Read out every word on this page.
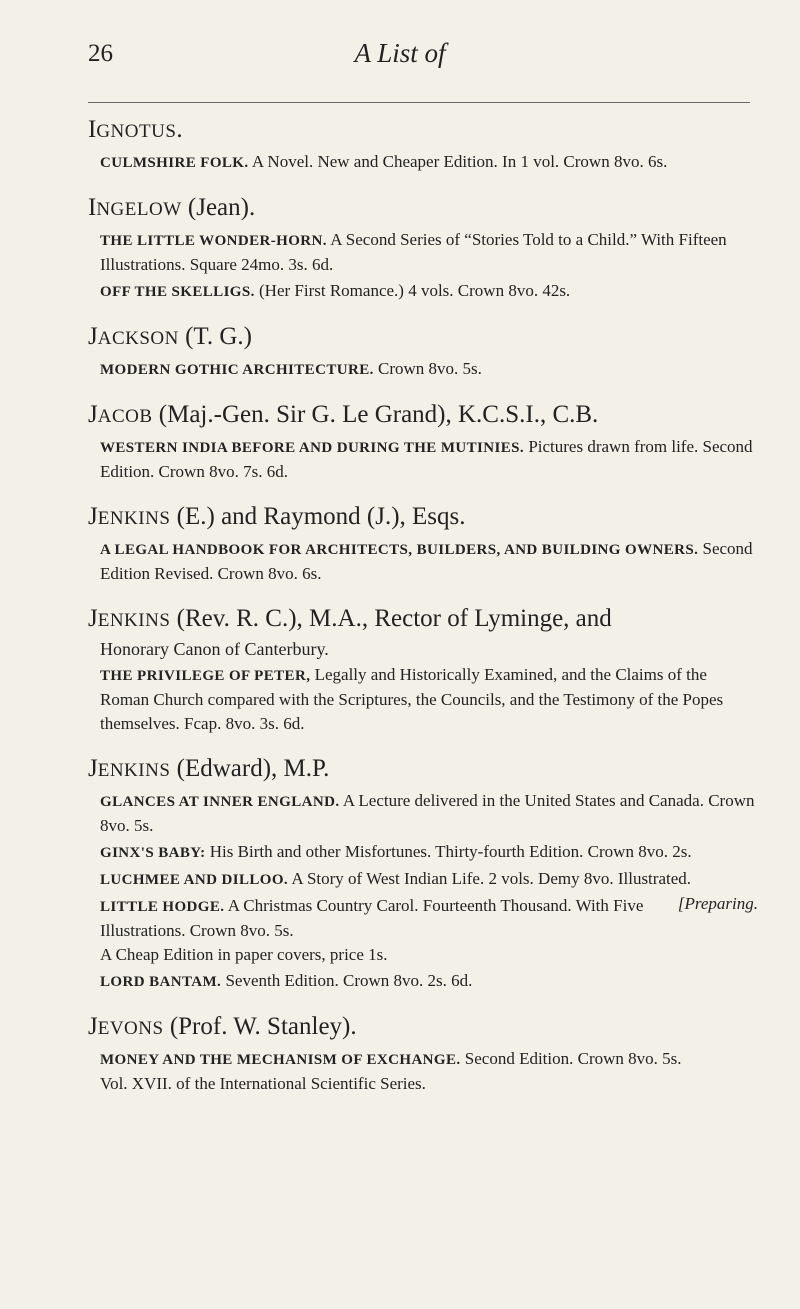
26	A List of
IGNOTUS.
CULMSHIRE FOLK. A Novel. New and Cheaper Edition. In 1 vol. Crown 8vo. 6s.
INGELOW (Jean).
THE LITTLE WONDER-HORN. A Second Series of “Stories Told to a Child.” With Fifteen Illustrations. Square 24mo. 3s. 6d.
OFF THE SKELLIGS. (Her First Romance.) 4 vols. Crown 8vo. 42s.
JACKSON (T. G.)
MODERN GOTHIC ARCHITECTURE. Crown 8vo. 5s.
JACOB (Maj.-Gen. Sir G. Le Grand), K.C.S.I., C.B.
WESTERN INDIA BEFORE AND DURING THE MUTINIES. Pictures drawn from life. Second Edition. Crown 8vo. 7s. 6d.
JENKINS (E.) and Raymond (J.), Esqs.
A LEGAL HANDBOOK FOR ARCHITECTS, BUILDERS, AND BUILDING OWNERS. Second Edition Revised. Crown 8vo. 6s.
JENKINS (Rev. R. C.), M.A., Rector of Lyminge, and
Honorary Canon of Canterbury.
THE PRIVILEGE OF PETER, Legally and Historically Examined, and the Claims of the Roman Church compared with the Scriptures, the Councils, and the Testimony of the Popes themselves. Fcap. 8vo. 3s. 6d.
JENKINS (Edward), M.P.
GLANCES AT INNER ENGLAND. A Lecture delivered in the United States and Canada. Crown 8vo. 5s.
GINX'S BABY: His Birth and other Misfortunes. Thirty-fourth Edition. Crown 8vo. 2s.
LUCHMEE AND DILLOO. A Story of West Indian Life. 2 vols. Demy 8vo. Illustrated.
[Preparing.
LITTLE HODGE. A Christmas Country Carol. Fourteenth Thousand. With Five Illustrations. Crown 8vo. 5s.
A Cheap Edition in paper covers, price 1s.
LORD BANTAM. Seventh Edition. Crown 8vo. 2s. 6d.
JEVONS (Prof. W. Stanley).
MONEY AND THE MECHANISM OF EXCHANGE. Second Edition. Crown 8vo. 5s.
Vol. XVII. of the International Scientific Series.
